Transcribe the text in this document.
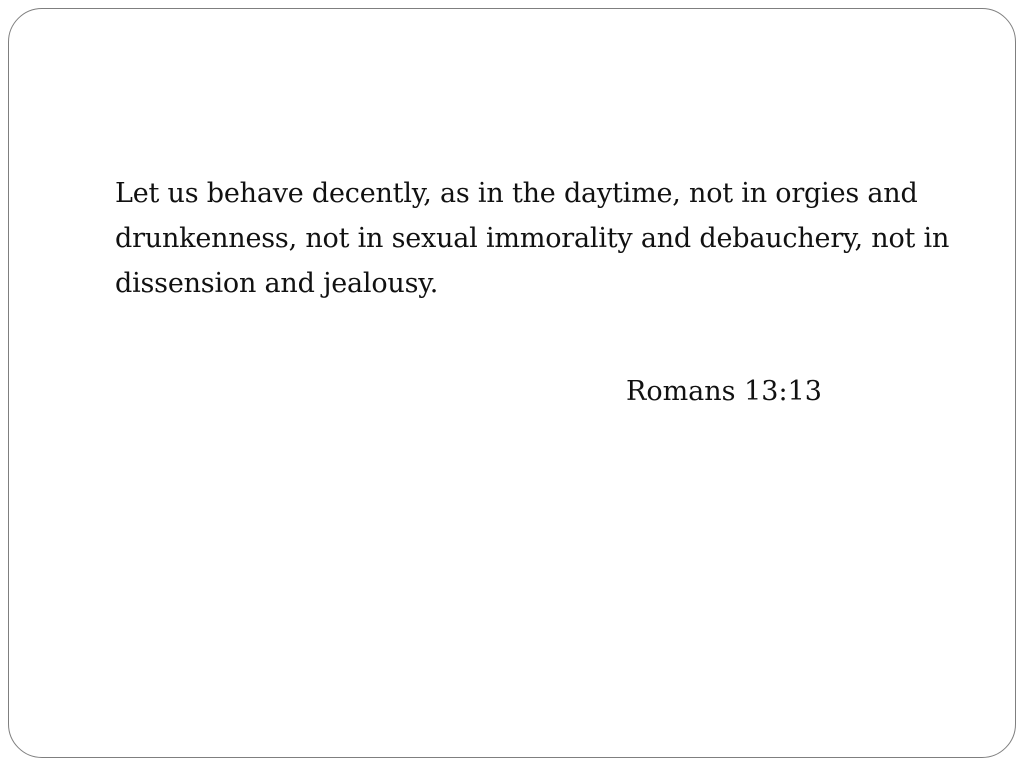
Let us behave decently, as in the daytime, not in orgies and drunkenness, not in sexual immorality and debauchery, not in dissension and jealousy.

Romans 13:13
